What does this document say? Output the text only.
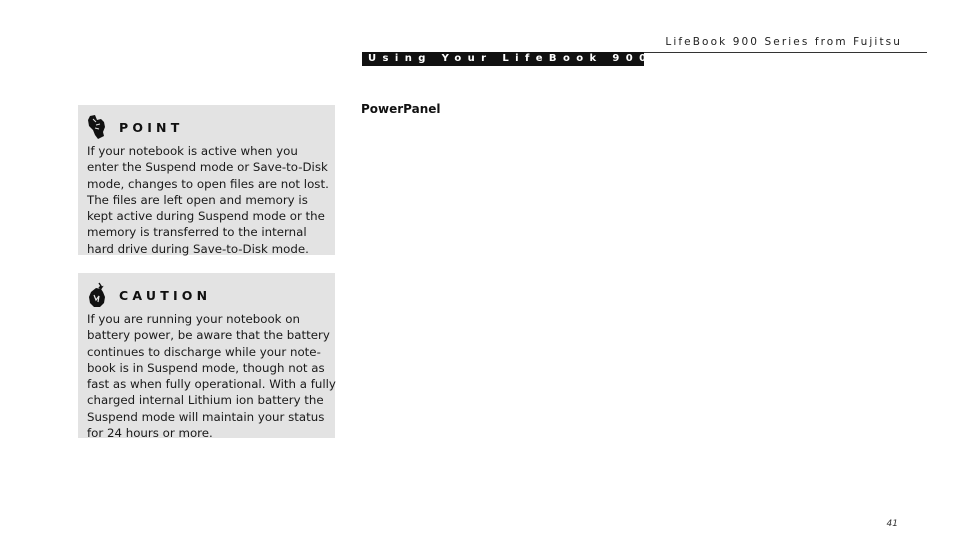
LifeBook 900 Series from Fujitsu
Using Your LifeBook 900 Series
PowerPanel
POINT
If your notebook is active when you
enter the Suspend mode or Save-to-Disk
mode, changes to open files are not lost.
The files are left open and memory is
kept active during Suspend mode or the
memory is transferred to the internal
hard drive during Save-to-Disk mode.
CAUTION
If you are running your notebook on
battery power, be aware that the battery
continues to discharge while your note-
book is in Suspend mode, though not as
fast as when fully operational. With a fully
charged internal Lithium ion battery the
Suspend mode will maintain your status
for 24 hours or more.
41
